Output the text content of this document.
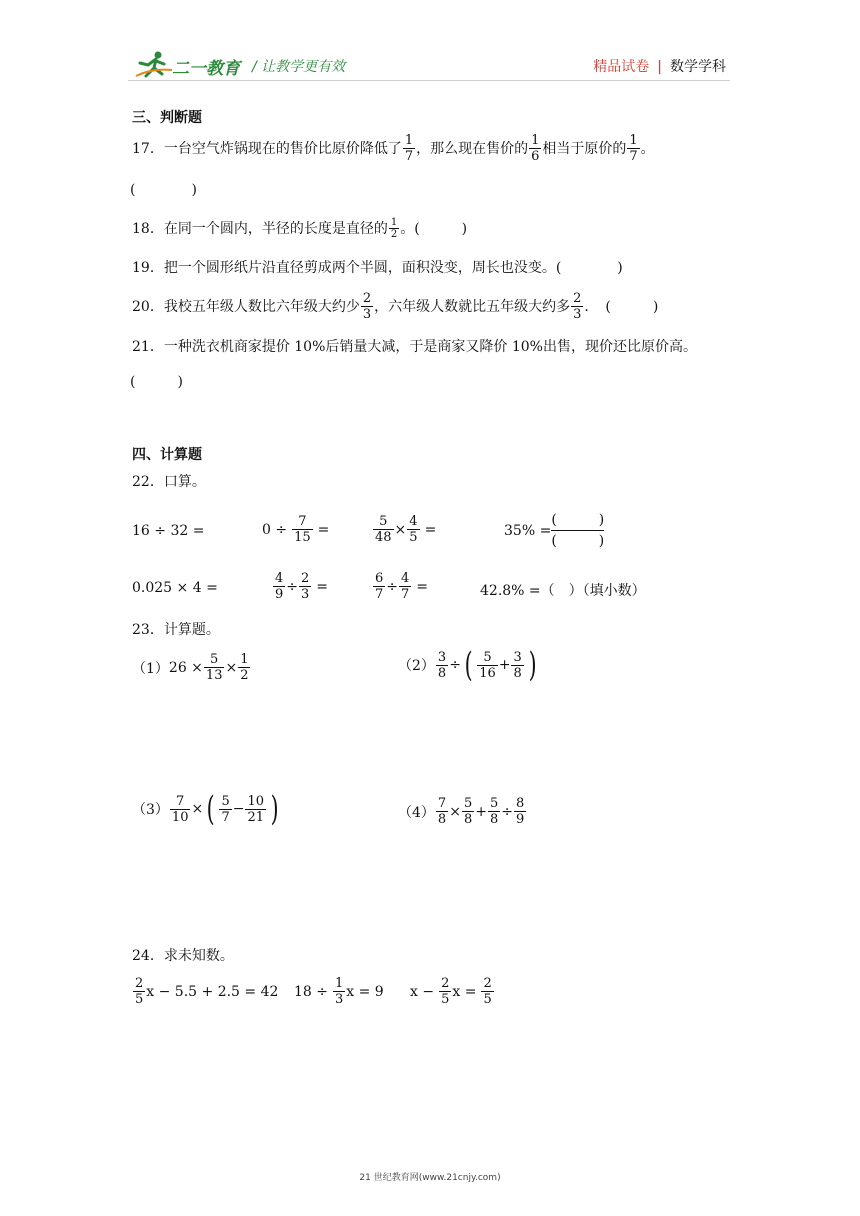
二一教育 / 让教学更有效	精品试卷 | 数学学科
三、判断题
17．一台空气炸锅现在的售价比原价降低了 $\frac{1}{7}$ ，那么现在售价的 $\frac{1}{6}$ 相当于原价的 $\frac{1}{7}$ 。
(　　　　)
18．在同一个圆内，半径的长度是直径的 $\frac{1}{2}$ 。(　　　)
19．把一个圆形纸片沿直径剪成两个半圆，面积没变，周长也没变。(　　　　)
20．我校五年级人数比六年级大约少 $\frac{2}{3}$ ，六年级人数就比五年级大约多 $\frac{2}{3}$ ．　(　　　)
21．一种洗衣机商家提价 10%后销量大减，于是商家又降价 10%出售，现价还比原价高。
(　　　)
四、计算题
22．口算。
16 ÷ 32 =	$0 \div \frac{7}{15}$ =	$\frac{5}{48} \times \frac{4}{5}$ =	$35\% = \frac{( )}{( )}$
0.025 × 4 =	$\frac{4}{9} \div \frac{2}{3}$ =	$\frac{6}{7} \div \frac{4}{7}$ =	42.8% =（　）（填小数）
23．计算题。
（1） $26 \times \frac{5}{13} \times \frac{1}{2}$	$(2) \frac{3}{8}$ ÷ ( $\frac{5}{16} + \frac{3}{8}$ )
$(3) \frac{7}{10}$ × ( $\frac{5}{7} - \frac{10}{21}$ )	$(4) \frac{7}{8} \times \frac{5}{8} + \frac{5}{8} \div \frac{8}{9}$
24．求未知数。
$\frac{2}{5}$ x − 5.5 + 2.5 = 42 $18 \div \frac{1}{3}$ x = 9 $x - \frac{2}{5}$ $x = \frac{2}{5}$
21 世纪教育网(www.21cnjy.com)
